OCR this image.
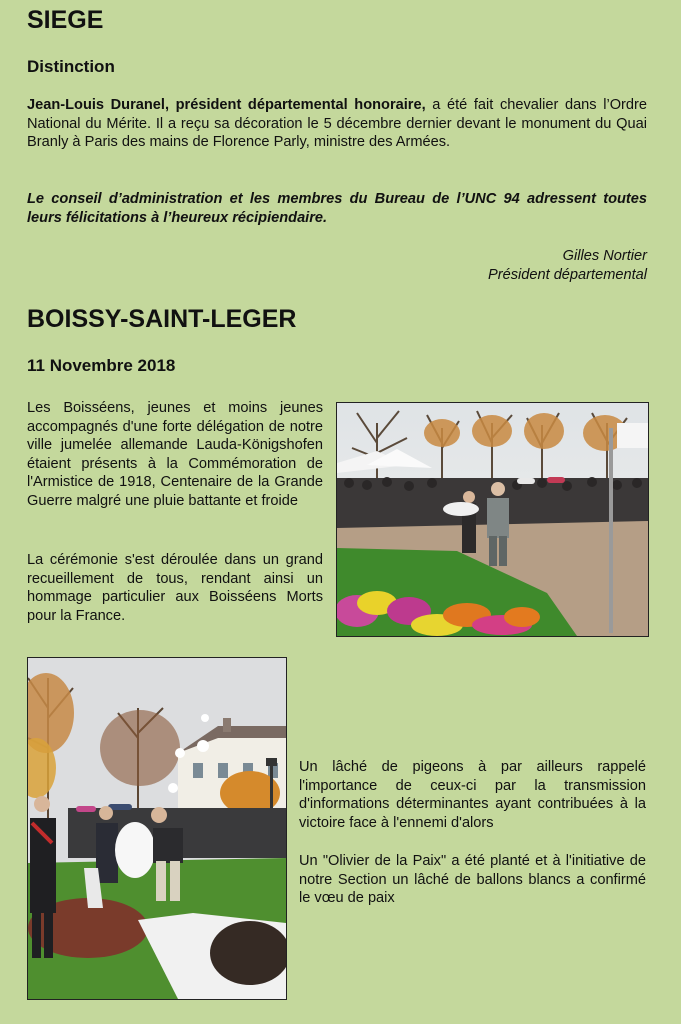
SIEGE
Distinction

Jean-Louis Duranel, président départemental honoraire, a été fait chevalier dans l’Ordre National du Mérite. Il a reçu sa décoration le 5 décembre dernier devant le monument du Quai Branly à Paris des mains de Florence Parly, ministre des Armées.

Le conseil d’administration et les membres du Bureau de l’UNC 94 adressent toutes leurs félicitations à l’heureux récipiendaire.

Gilles Nortier
Président départemental
BOISSY-SAINT-LEGER
11 Novembre 2018

Les Boisséens, jeunes et moins jeunes accompagnés d'une forte délégation de notre ville jumelée allemande Lauda-Königshofen étaient présents à la Commémoration de l'Armistice de 1918, Centenaire de la Grande Guerre malgré une pluie battante et froide

La cérémonie s'est déroulée dans un grand recueillement de tous, rendant ainsi un hommage particulier aux Boisséens Morts pour la France.

Un lâché de pigeons à par ailleurs rappelé l'importance de ceux-ci par la transmission d'informations déterminantes ayant contribuées à la victoire face à l'ennemi d'alors

Un "Olivier de la Paix" a été planté et à l'initiative de notre Section un lâché de ballons blancs a confirmé le vœu de paix
